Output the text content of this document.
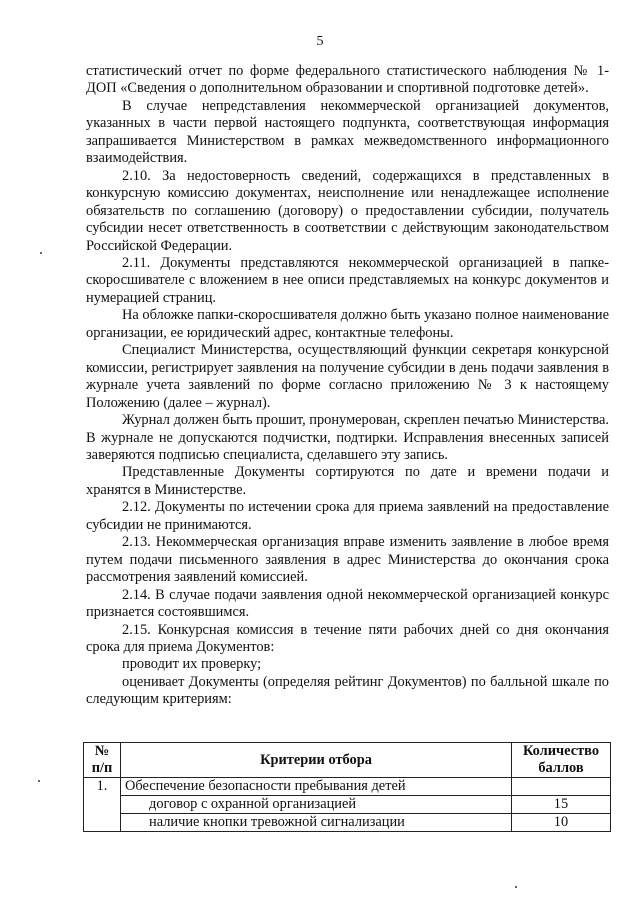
5

статистический отчет по форме федерального статистического наблюдения № 1-ДОП «Сведения о дополнительном образовании и спортивной подготовке детей».

В случае непредставления некоммерческой организацией документов, указанных в части первой настоящего подпункта, соответствующая информация запрашивается Министерством в рамках межведомственного информационного взаимодействия.

2.10. За недостоверность сведений, содержащихся в представленных в конкурсную комиссию документах, неисполнение или ненадлежащее исполнение обязательств по соглашению (договору) о предоставлении субсидии, получатель субсидии несет ответственность в соответствии с действующим законодательством Российской Федерации.

2.11. Документы представляются некоммерческой организацией в папке-скоросшивателе с вложением в нее описи представляемых на конкурс документов и нумерацией страниц.

На обложке папки-скоросшивателя должно быть указано полное наименование организации, ее юридический адрес, контактные телефоны.

Специалист Министерства, осуществляющий функции секретаря конкурсной комиссии, регистрирует заявления на получение субсидии в день подачи заявления в журнале учета заявлений по форме согласно приложению № 3 к настоящему Положению (далее – журнал).

Журнал должен быть прошит, пронумерован, скреплен печатью Министерства. В журнале не допускаются подчистки, подтирки. Исправления внесенных записей заверяются подписью специалиста, сделавшего эту запись.

Представленные Документы сортируются по дате и времени подачи и хранятся в Министерстве.

2.12. Документы по истечении срока для приема заявлений на предоставление субсидии не принимаются.

2.13. Некоммерческая организация вправе изменить заявление в любое время путем подачи письменного заявления в адрес Министерства до окончания срока рассмотрения заявлений комиссией.

2.14. В случае подачи заявления одной некоммерческой организацией конкурс признается состоявшимся.

2.15. Конкурсная комиссия в течение пяти рабочих дней со дня окончания срока для приема Документов:

проводит их проверку;

оценивает Документы (определяя рейтинг Документов) по балльной шкале по следующим критериям:

№ п/п	Критерии отбора	Количество баллов
1.	Обеспечение безопасности пребывания детей	
	договор с охранной организацией	15
	наличие кнопки тревожной сигнализации	10
